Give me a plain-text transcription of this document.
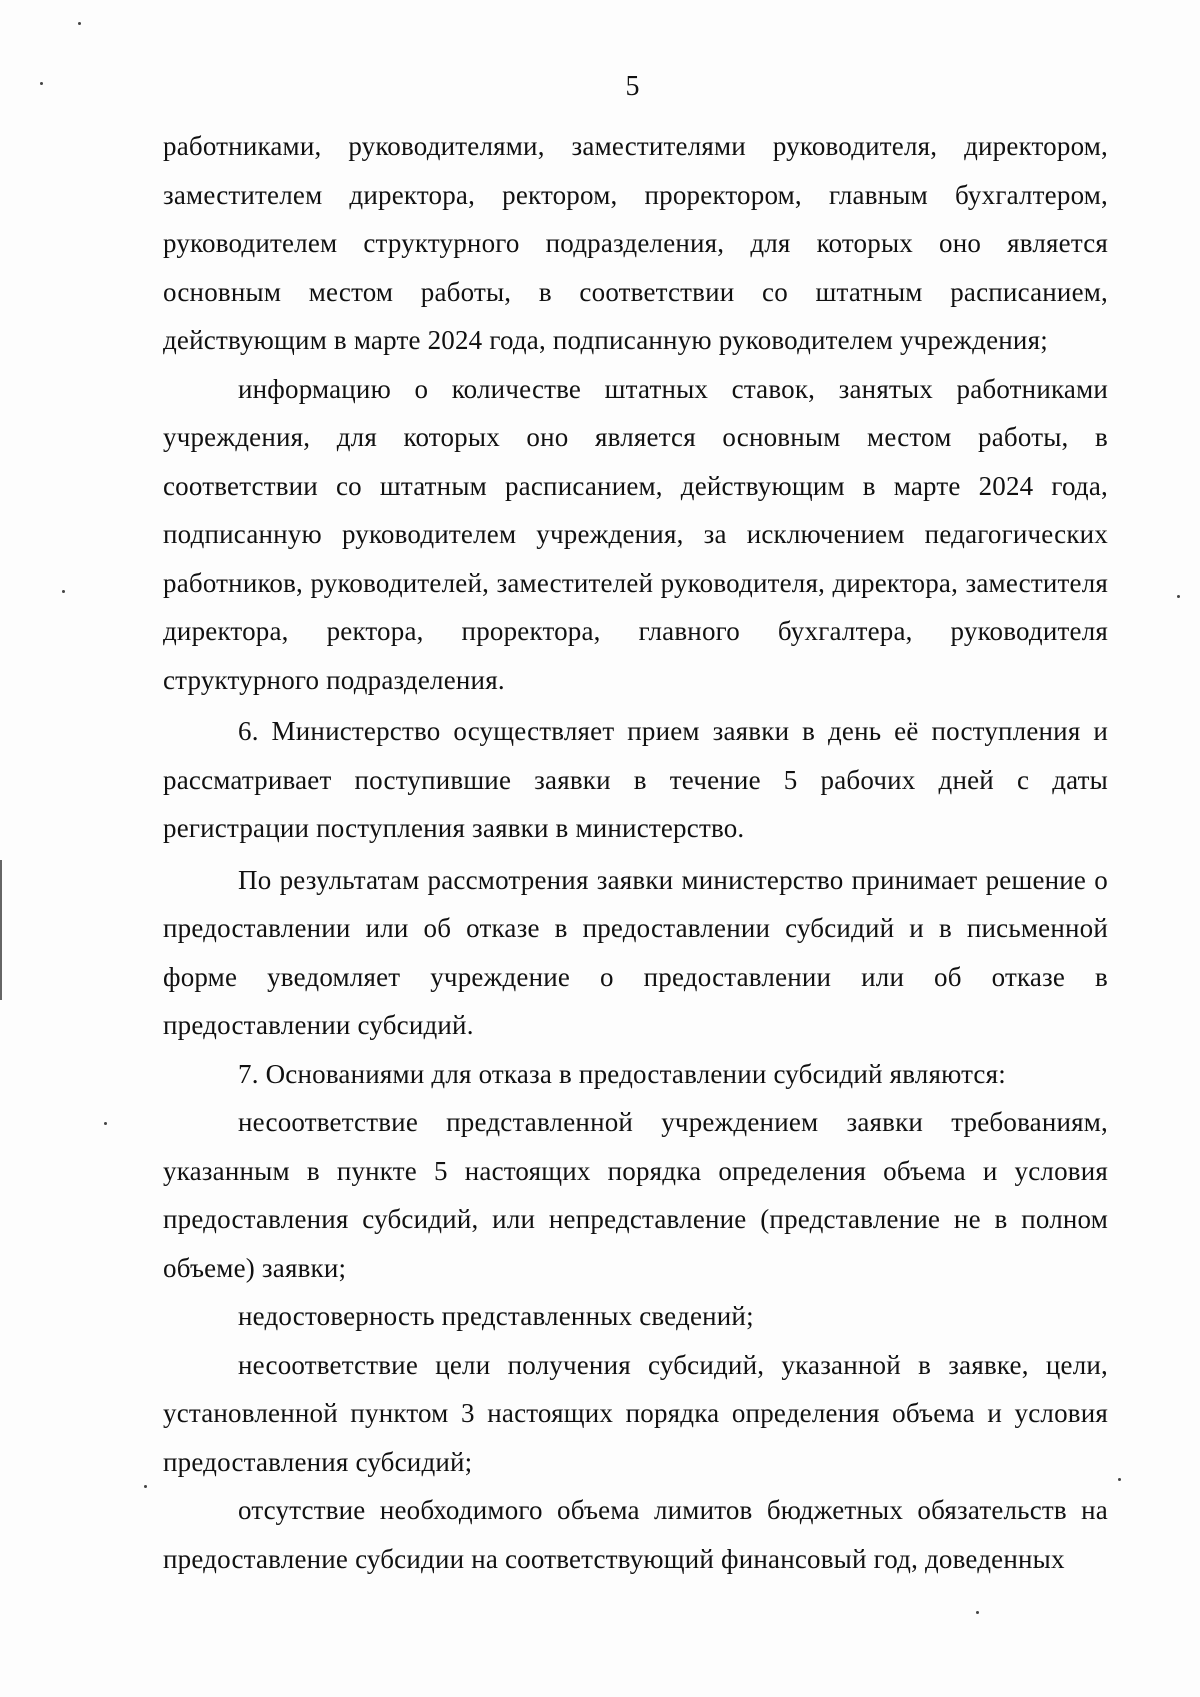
5

работниками, руководителями, заместителями руководителя, директором, заместителем директора, ректором, проректором, главным бухгалтером, руководителем структурного подразделения, для которых оно является основным местом работы, в соответствии со штатным расписанием, действующим в марте 2024 года, подписанную руководителем учреждения;

информацию о количестве штатных ставок, занятых работниками учреждения, для которых оно является основным местом работы, в соответствии со штатным расписанием, действующим в марте 2024 года, подписанную руководителем учреждения, за исключением педагогических работников, руководителей, заместителей руководителя, директора, заместителя директора, ректора, проректора, главного бухгалтера, руководителя структурного подразделения.

6. Министерство осуществляет прием заявки в день её поступления и рассматривает поступившие заявки в течение 5 рабочих дней с даты регистрации поступления заявки в министерство.

По результатам рассмотрения заявки министерство принимает решение о предоставлении или об отказе в предоставлении субсидий и в письменной форме уведомляет учреждение о предоставлении или об отказе в предоставлении субсидий.

7. Основаниями для отказа в предоставлении субсидий являются:

несоответствие представленной учреждением заявки требованиям, указанным в пункте 5 настоящих порядка определения объема и условия предоставления субсидий, или непредставление (представление не в полном объеме) заявки;

недостоверность представленных сведений;

несоответствие цели получения субсидий, указанной в заявке, цели, установленной пунктом 3 настоящих порядка определения объема и условия предоставления субсидий;

отсутствие необходимого объема лимитов бюджетных обязательств на предоставление субсидии на соответствующий финансовый год, доведенных
